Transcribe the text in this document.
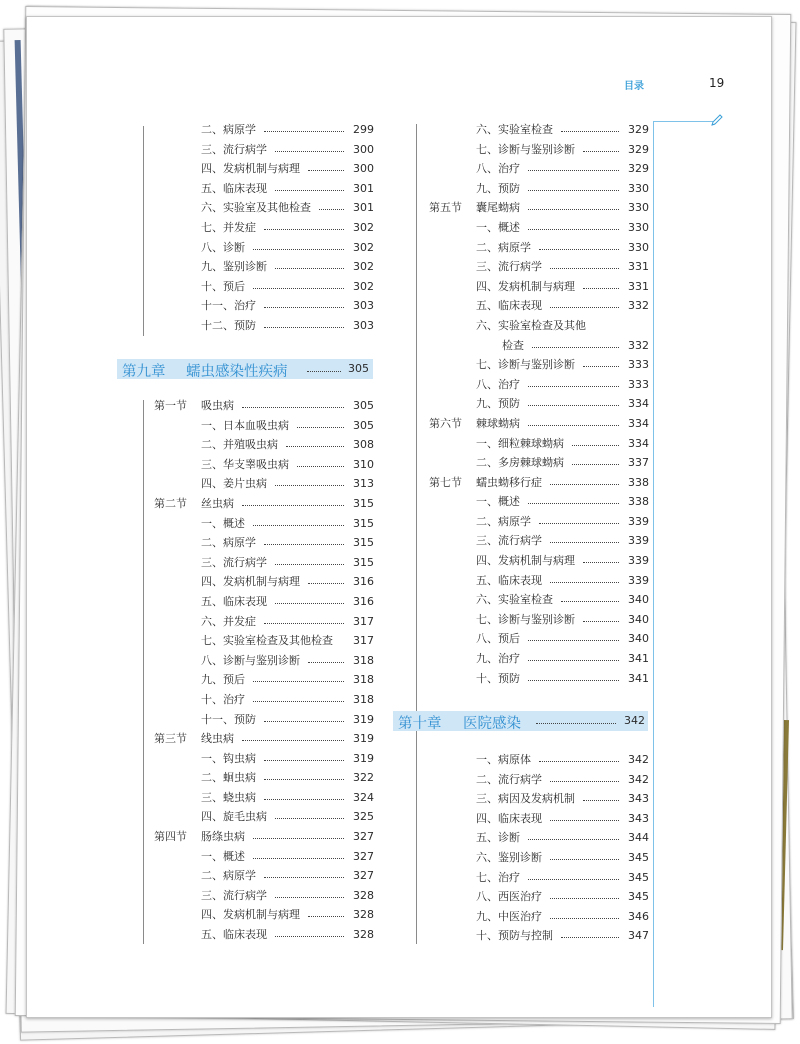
目录	19
二、病原学	299
三、流行病学	300
四、发病机制与病理	300
五、临床表现	301
六、实验室及其他检查	301
七、并发症	302
八、诊断	302
九、鉴别诊断	302
十、预后	302
十一、治疗	303
十二、预防	303
第九章 蠕虫感染性疾病	305
第一节 吸虫病	305
一、日本血吸虫病	305
二、并殖吸虫病	308
三、华支睾吸虫病	310
四、姜片虫病	313
第二节 丝虫病	315
一、概述	315
二、病原学	315
三、流行病学	315
四、发病机制与病理	316
五、临床表现	316
六、并发症	317
七、实验室检查及其他检查	317
八、诊断与鉴别诊断	318
九、预后	318
十、治疗	318
十一、预防	319
第三节 线虫病	319
一、钩虫病	319
二、蛔虫病	322
三、蛲虫病	324
四、旋毛虫病	325
第四节 肠绦虫病	327
一、概述	327
二、病原学	327
三、流行病学	328
四、发病机制与病理	328
五、临床表现	328
六、实验室检查	329
七、诊断与鉴别诊断	329
八、治疗	329
九、预防	330
第五节 囊尾蚴病	330
一、概述	330
二、病原学	330
三、流行病学	331
四、发病机制与病理	331
五、临床表现	332
六、实验室检查及其他
检查	332
七、诊断与鉴别诊断	333
八、治疗	333
九、预防	334
第六节 棘球蚴病	334
一、细粒棘球蚴病	334
二、多房棘球蚴病	337
第七节 蠕虫蚴移行症	338
一、概述	338
二、病原学	339
三、流行病学	339
四、发病机制与病理	339
五、临床表现	339
六、实验室检查	340
七、诊断与鉴别诊断	340
八、预后	340
九、治疗	341
十、预防	341
第十章 医院感染	342
一、病原体	342
二、流行病学	342
三、病因及发病机制	343
四、临床表现	343
五、诊断	344
六、鉴别诊断	345
七、治疗	345
八、西医治疗	345
九、中医治疗	346
十、预防与控制	347
